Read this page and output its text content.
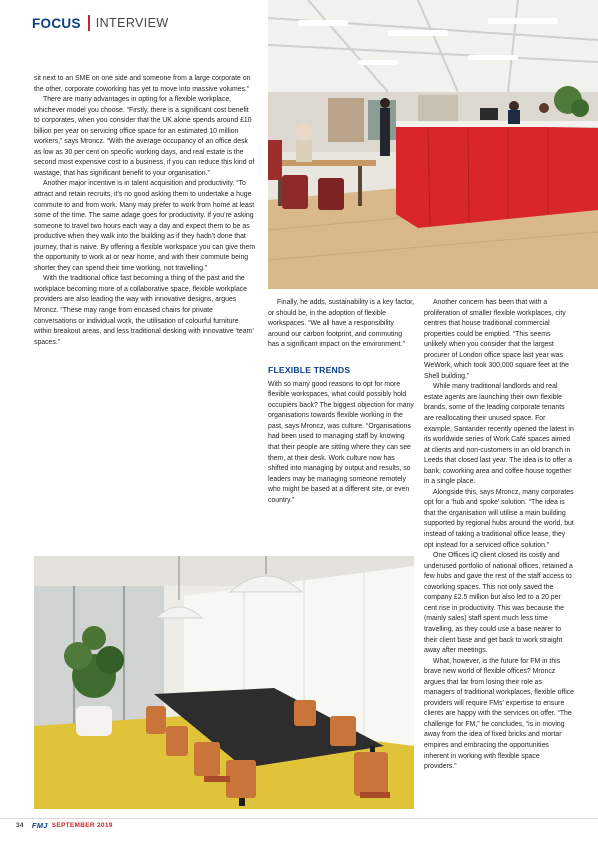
FOCUS INTERVIEW

sit next to an SME on one side and someone from a large corporate on the other, corporate coworking has yet to move into massive volumes.”

There are many advantages in opting for a flexible workplace, whichever model you choose. “Firstly, there is a significant cost benefit to corporates, when you consider that the UK alone spends around £10 billion per year on servicing office space for an estimated 10 million workers,” says Mroncz. “With the average occupancy of an office desk as low as 30 per cent on specific working days, and real estate is the second most expensive cost to a business, if you can reduce this kind of wastage, that has significant benefit to your organisation.”

Another major incentive is in talent acquisition and productivity. “To attract and retain recruits, it’s no good asking them to undertake a huge commute to and from work. Many may prefer to work from home at least some of the time. The same adage goes for productivity. If you’re asking someone to travel two hours each way a day and expect them to be as productive when they walk into the building as if they hadn’t done that journey, that is naive. By offering a flexible workspace you can give them the opportunity to work at or near home, and with their commute being shorter they can spend their time working, not travelling.”

With the traditional office fast becoming a thing of the past and the workplace becoming more of a collaborative space, flexible workplace providers are also leading the way with innovative designs, argues Mroncz. “These may range from encased chairs for private conversations or individual work, the utilisation of colourful furniture within breakout areas, and less traditional desking with innovative ‘team’ spaces.”

Finally, he adds, sustainability is a key factor, or should be, in the adoption of flexible workspaces. “We all have a responsibility around our carbon footprint, and commuting has a significant impact on the environment.”

FLEXIBLE TRENDS

With so many good reasons to opt for more flexible workspaces, what could possibly hold occupiers back? The biggest objection for many organisations towards flexible working in the past, says Mroncz, was culture. “Organisations had been used to managing staff by knowing that their people are sitting where they can see them, at their desk. Work culture now has shifted into managing by output and results, so leaders may be managing someone remotely who might be based at a different site, or even country.”

Another concern has been that with a proliferation of smaller flexible workplaces, city centres that house traditional commercial properties could be emptied. “This seems unlikely when you consider that the largest procurer of London office space last year was WeWork, which took 300,000 square feet at the Shell building.”

While many traditional landlords and real estate agents are launching their own flexible brands, some of the leading corporate tenants are reallocating their unused space. For example, Santander recently opened the latest in its worldwide series of Work Café spaces aimed at clients and non-customers in an old branch in Leeds that closed last year. The idea is to offer a bank, coworking area and coffee house together in a single place.

Alongside this, says Mroncz, many corporates opt for a ‘hub and spoke’ solution. “The idea is that the organisation will utilise a main building supported by regional hubs around the world, but instead of taking a traditional office lease, they opt instead for a serviced office solution.”

One Offices iQ client closed its costly and underused portfolio of national offices, retained a few hubs and gave the rest of the staff access to coworking spaces. This not only saved the company £2.5 million but also led to a 20 per cent rise in productivity. This was because the (mainly sales) staff spent much less time travelling, as they could use a base nearer to their client base and get back to work straight away after meetings.

What, however, is the future for FM in this brave new world of flexible offices? Mroncz argues that far from losing their role as managers of traditional workplaces, flexible office providers will require FMs’ expertise to ensure clients are happy with the services on offer. “The challenge for FM,” he concludes, “is in moving away from the idea of fixed bricks and mortar empires and embracing the opportunities inherent in working with flexible space providers.”

34 FMJ SEPTEMBER 2019
